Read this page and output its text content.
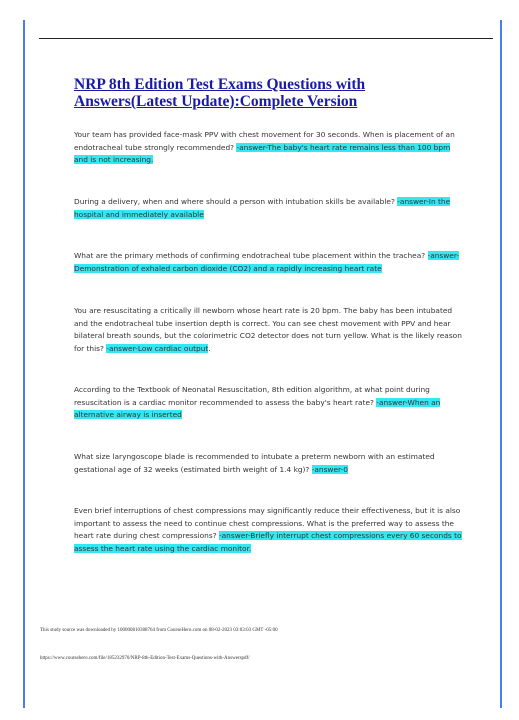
NRP 8th Edition Test Exams Questions with Answers(Latest Update):Complete Version

Your team has provided face-mask PPV with chest movement for 30 seconds. When is placement of an endotracheal tube strongly recommended? -answer-The baby's heart rate remains less than 100 bpm and is not increasing.

During a delivery, when and where should a person with intubation skills be available? -answer-In the hospital and immediately available

What are the primary methods of confirming endotracheal tube placement within the trachea? -answer-Demonstration of exhaled carbon dioxide (CO2) and a rapidly increasing heart rate

You are resuscitating a critically ill newborn whose heart rate is 20 bpm. The baby has been intubated and the endotracheal tube insertion depth is correct. You can see chest movement with PPV and hear bilateral breath sounds, but the colorimetric CO2 detector does not turn yellow. What is the likely reason for this? -answer-Low cardiac output.

According to the Textbook of Neonatal Resuscitation, 8th edition algorithm, at what point during resuscitation is a cardiac monitor recommended to assess the baby's heart rate? -answer-When an alternative airway is inserted

What size laryngoscope blade is recommended to intubate a preterm newborn with an estimated gestational age of 32 weeks (estimated birth weight of 1.4 kg)? -answer-0

Even brief interruptions of chest compressions may significantly reduce their effectiveness, but it is also important to assess the need to continue chest compressions. What is the preferred way to assess the heart rate during chest compressions? -answer-Briefly interrupt chest compressions every 60 seconds to assess the heart rate using the cardiac monitor.

This study source was downloaded by 100000810388764 from CourseHero.com on 08-02-2023 03:03:03 GMT -05:00
https://www.coursehero.com/file/185232970/NRP-8th-Edition-Test-Exams-Questions-with-Answerspdf/
